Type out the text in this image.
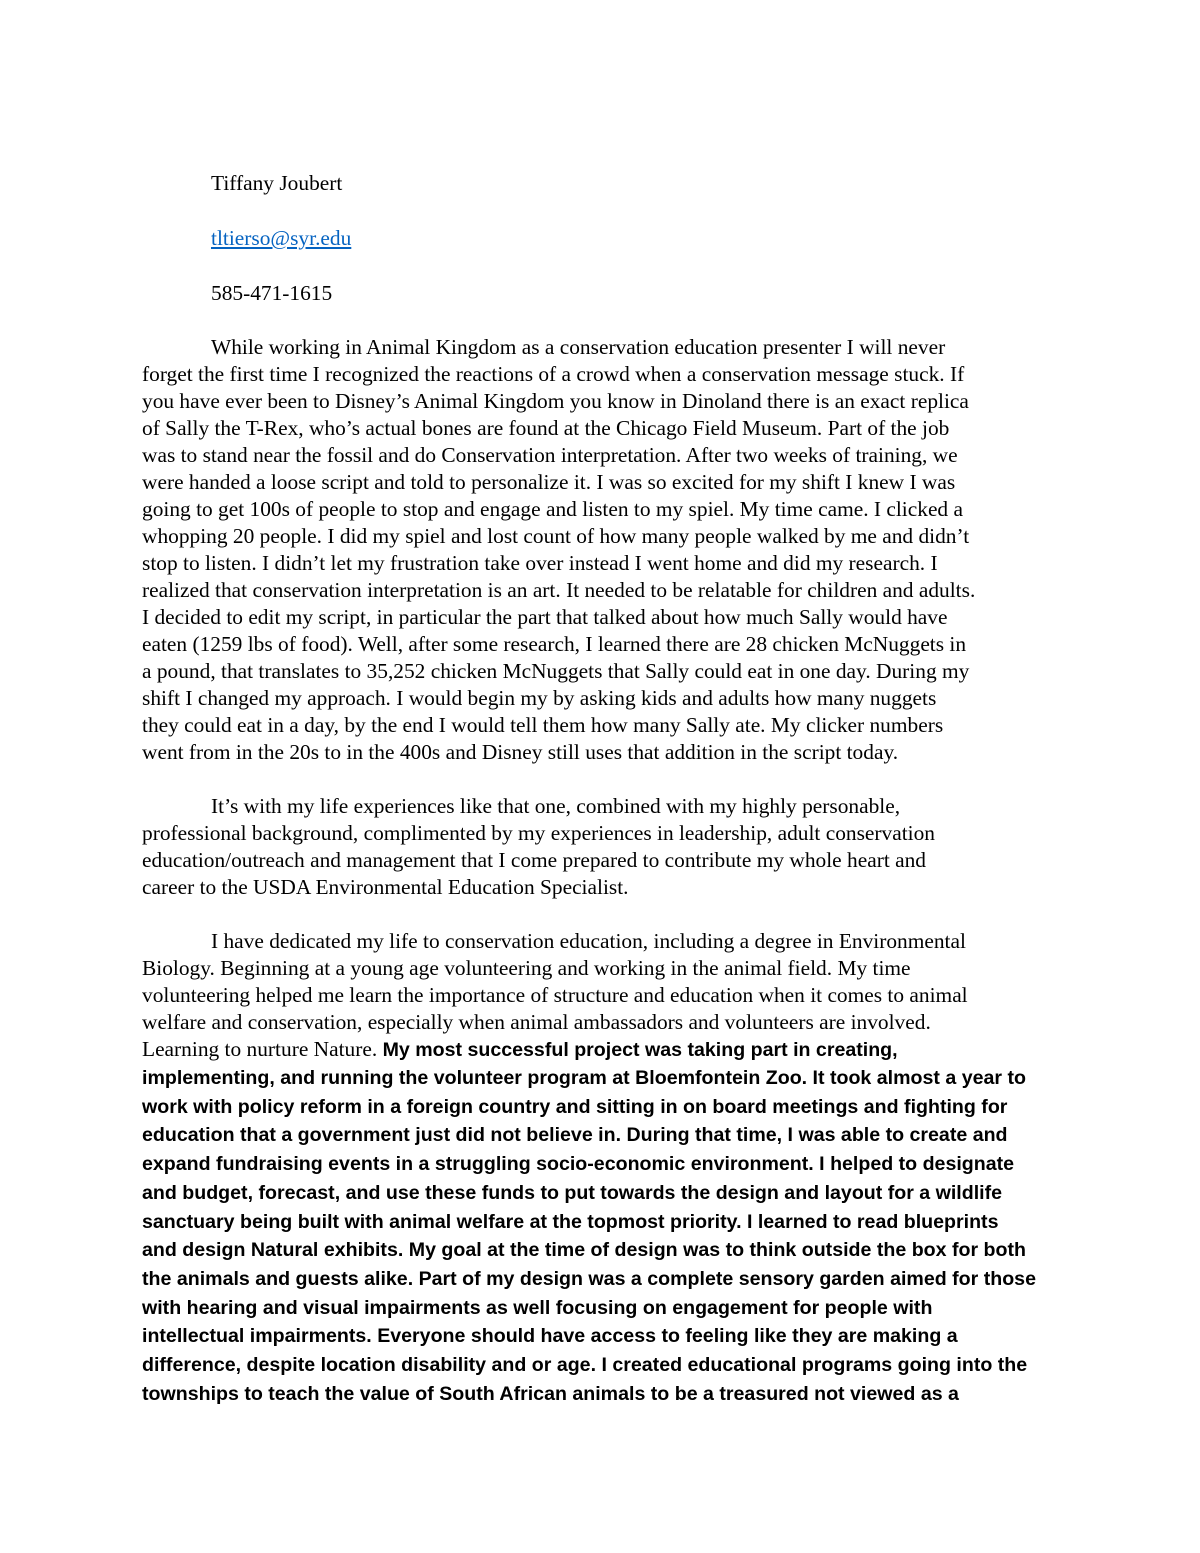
Tiffany Joubert
tltierso@syr.edu
585-471-1615
While working in Animal Kingdom as a conservation education presenter I will never
forget the first time I recognized the reactions of a crowd when a conservation message stuck. If
you have ever been to Disney’s Animal Kingdom you know in Dinoland there is an exact replica
of Sally the T-Rex, who’s actual bones are found at the Chicago Field Museum. Part of the job
was to stand near the fossil and do Conservation interpretation. After two weeks of training, we
were handed a loose script and told to personalize it. I was so excited for my shift I knew I was
going to get 100s of people to stop and engage and listen to my spiel. My time came. I clicked a
whopping 20 people. I did my spiel and lost count of how many people walked by me and didn’t
stop to listen. I didn’t let my frustration take over instead I went home and did my research. I
realized that conservation interpretation is an art. It needed to be relatable for children and adults.
I decided to edit my script, in particular the part that talked about how much Sally would have
eaten (1259 lbs of food). Well, after some research, I learned there are 28 chicken McNuggets in
a pound, that translates to 35,252 chicken McNuggets that Sally could eat in one day. During my
shift I changed my approach. I would begin my by asking kids and adults how many nuggets
they could eat in a day, by the end I would tell them how many Sally ate. My clicker numbers
went from in the 20s to in the 400s and Disney still uses that addition in the script today.
It’s with my life experiences like that one, combined with my highly personable,
professional background, complimented by my experiences in leadership, adult conservation
education/outreach and management that I come prepared to contribute my whole heart and
career to the USDA Environmental Education Specialist.
I have dedicated my life to conservation education, including a degree in Environmental
Biology. Beginning at a young age volunteering and working in the animal field. My time
volunteering helped me learn the importance of structure and education when it comes to animal
welfare and conservation, especially when animal ambassadors and volunteers are involved.
Learning to nurture Nature. My most successful project was taking part in creating,
implementing, and running the volunteer program at Bloemfontein Zoo. It took almost a year to
work with policy reform in a foreign country and sitting in on board meetings and fighting for
education that a government just did not believe in. During that time, I was able to create and
expand fundraising events in a struggling socio-economic environment. I helped to designate
and budget, forecast, and use these funds to put towards the design and layout for a wildlife
sanctuary being built with animal welfare at the topmost priority. I learned to read blueprints
and design Natural exhibits. My goal at the time of design was to think outside the box for both
the animals and guests alike. Part of my design was a complete sensory garden aimed for those
with hearing and visual impairments as well focusing on engagement for people with
intellectual impairments. Everyone should have access to feeling like they are making a
difference, despite location disability and or age. I created educational programs going into the
townships to teach the value of South African animals to be a treasured not viewed as a
